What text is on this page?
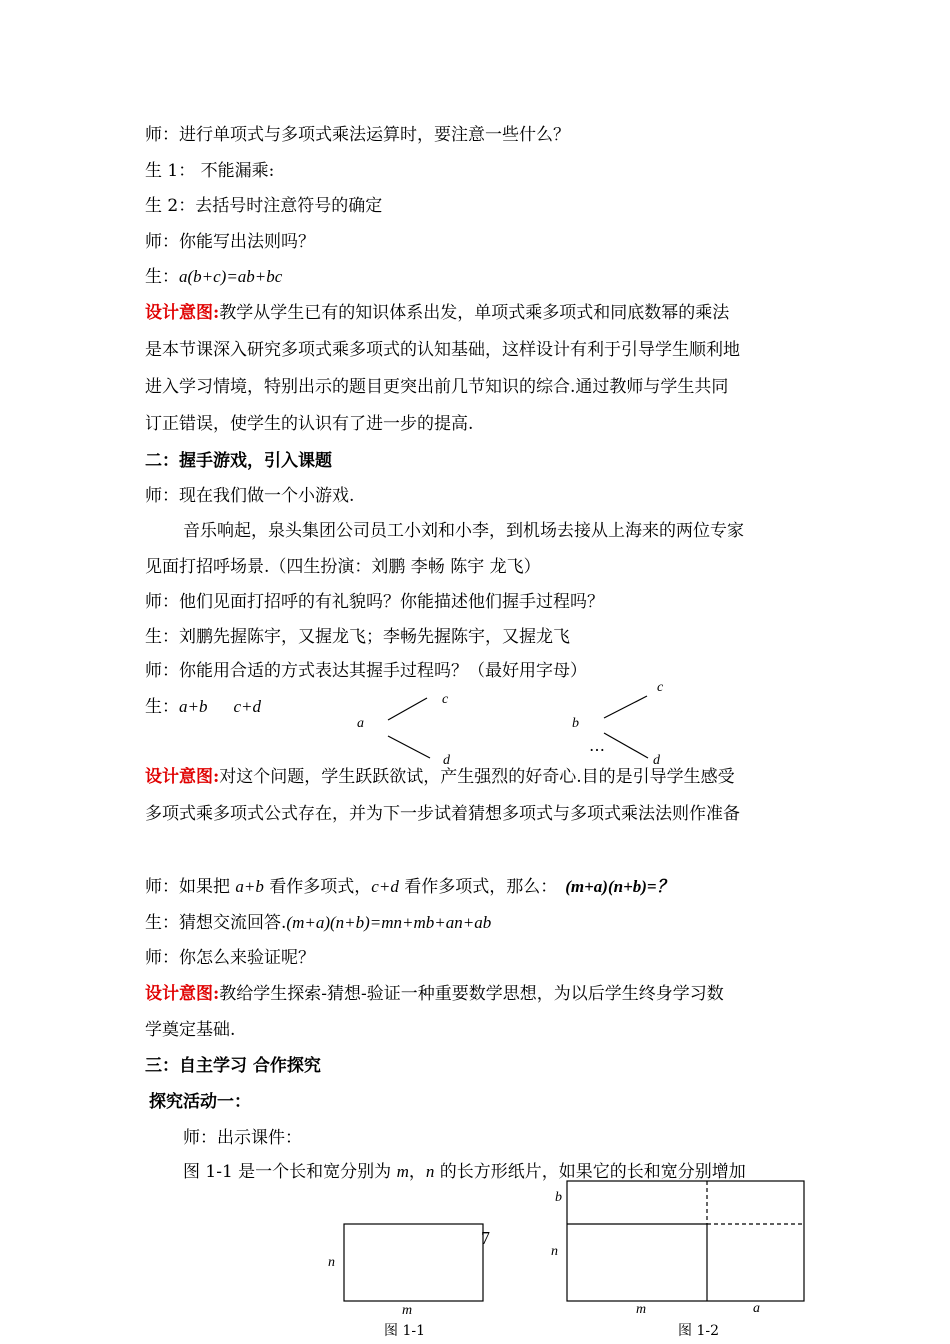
师：进行单项式与多项式乘法运算时，要注意一些什么？
生 1： 不能漏乘:
生 2：去括号时注意符号的确定
师：你能写出法则吗？
生：a(b+c)=ab+bc
设计意图:教学从学生已有的知识体系出发，单项式乘多项式和同底数幂的乘法
是本节课深入研究多项式乘多项式的认知基础，这样设计有利于引导学生顺利地
进入学习情境，特别出示的题目更突出前几节知识的综合.通过教师与学生共同
订正错误，使学生的认识有了进一步的提高.
二：握手游戏，引入课题
师：现在我们做一个小游戏.
音乐响起，泉头集团公司员工小刘和小李，到机场去接从上海来的两位专家
见面打招呼场景.（四生扮演：刘鹏 李畅 陈宇 龙飞）
师：他们见面打招呼的有礼貌吗？你能描述他们握手过程吗？
生：刘鹏先握陈宇，又握龙飞；李畅先握陈宇，又握龙飞
师：你能用合适的方式表达其握手过程吗？（最好用字母）
生：a+b c+d
a
c
d
b
c
d
…
设计意图:对这个问题，学生跃跃欲试，产生强烈的好奇心.目的是引导学生感受
多项式乘多项式公式存在，并为下一步试着猜想多项式与多项式乘法法则作准备
师：如果把 a+b 看作多项式，c+d 看作多项式，那么： (m+a)(n+b)=？
生：猜想交流回答.(m+a)(n+b)=mn+mb+an+ab
师：你怎么来验证呢？
设计意图:教给学生探索-猜想-验证一种重要数学思想，为以后学生终身学习数
学奠定基础.
三：自主学习 合作探究
探究活动一：
师：出示课件：
图 1-1 是一个长和宽分别为 m，n 的长方形纸片，如果它的长和宽分别增加
n
m
图 1-1
b
n
m	a
图 1-2
7
